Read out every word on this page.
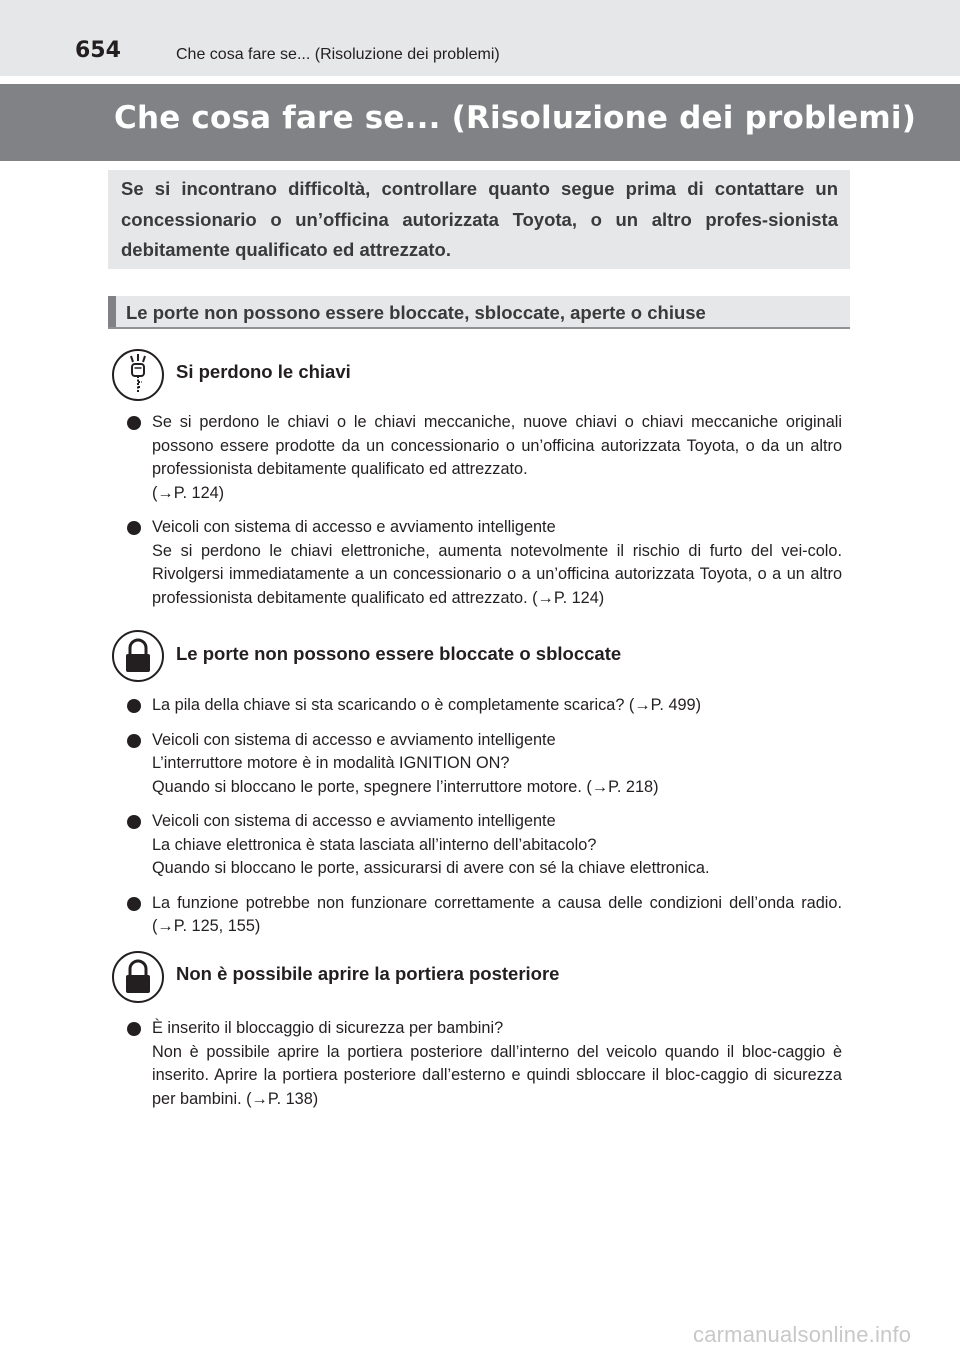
654	Che cosa fare se... (Risoluzione dei problemi)
Che cosa fare se... (Risoluzione dei problemi)

Se si incontrano difficoltà, controllare quanto segue prima di contattare un concessionario o un’officina autorizzata Toyota, o un altro profes-sionista debitamente qualificato ed attrezzato.

Le porte non possono essere bloccate, sbloccate, aperte o chiuse
Si perdono le chiavi
Se si perdono le chiavi o le chiavi meccaniche, nuove chiavi o chiavi meccaniche originali possono essere prodotte da un concessionario o un’officina autorizzata Toyota, o da un altro professionista debitamente qualificato ed attrezzato.
(→P. 124)
Veicoli con sistema di accesso e avviamento intelligente
Se si perdono le chiavi elettroniche, aumenta notevolmente il rischio di furto del vei-colo. Rivolgersi immediatamente a un concessionario o a un’officina autorizzata Toyota, o a un altro professionista debitamente qualificato ed attrezzato. (→P. 124)
Le porte non possono essere bloccate o sbloccate
La pila della chiave si sta scaricando o è completamente scarica? (→P. 499)
Veicoli con sistema di accesso e avviamento intelligente
L’interruttore motore è in modalità IGNITION ON?
Quando si bloccano le porte, spegnere l’interruttore motore. (→P. 218)
Veicoli con sistema di accesso e avviamento intelligente
La chiave elettronica è stata lasciata all’interno dell’abitacolo?
Quando si bloccano le porte, assicurarsi di avere con sé la chiave elettronica.
La funzione potrebbe non funzionare correttamente a causa delle condizioni dell’onda radio. (→P. 125, 155)
Non è possibile aprire la portiera posteriore
È inserito il bloccaggio di sicurezza per bambini?
Non è possibile aprire la portiera posteriore dall’interno del veicolo quando il bloc-caggio è inserito. Aprire la portiera posteriore dall’esterno e quindi sbloccare il bloc-caggio di sicurezza per bambini. (→P. 138)
carmanualsonline.info
